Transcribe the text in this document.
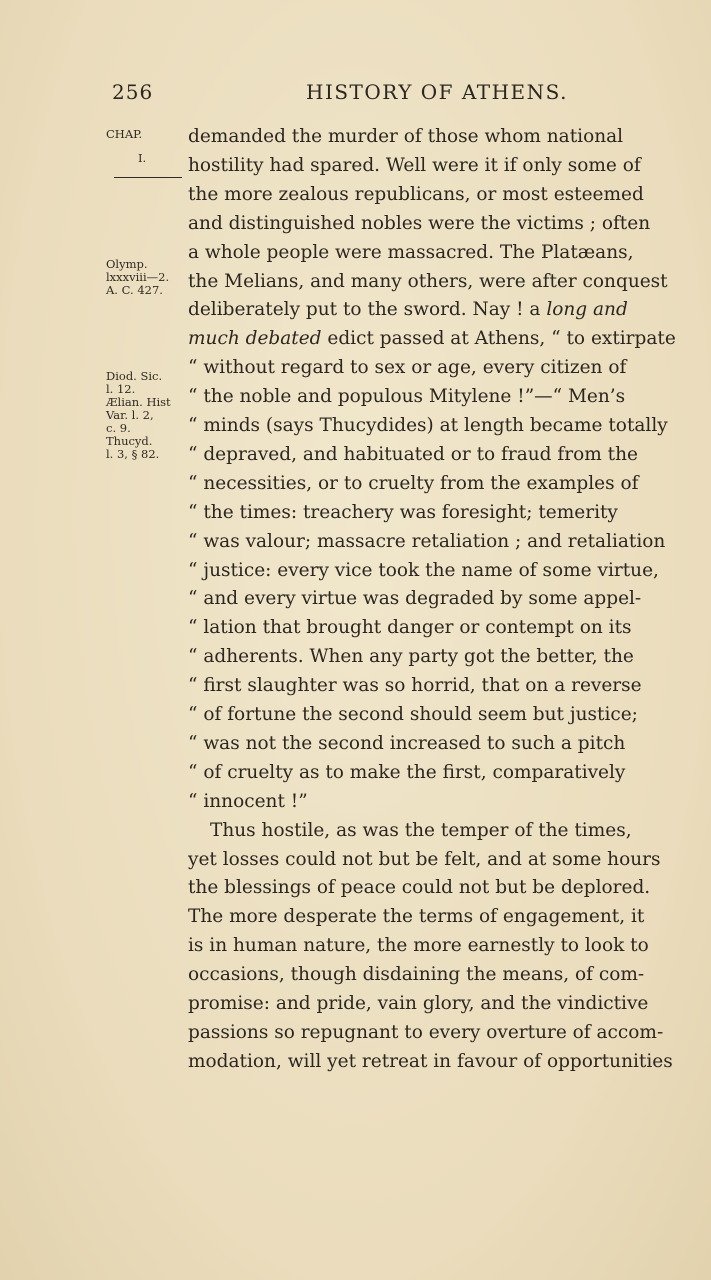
256	HISTORY OF ATHENS.
CHAP.
I.
Olymp.
lxxxviii—2.
A. C. 427.
Diod. Sic.
l. 12.
Ælian. Hist
Var. l. 2,
c. 9.
Thucyd.
l. 3, § 82.
demanded the murder of those whom national
hostility had spared. Well were it if only some of
the more zealous republicans, or most esteemed
and distinguished nobles were the victims ; often
a whole people were massacred. The Platæans,
the Melians, and many others, were after conquest
deliberately put to the sword. Nay ! a long and
much debated edict passed at Athens, “ to extirpate
“ without regard to sex or age, every citizen of
“ the noble and populous Mitylene !”—“ Men’s
“ minds (says Thucydides) at length became totally
“ depraved, and habituated or to fraud from the
“ necessities, or to cruelty from the examples of
“ the times: treachery was foresight; temerity
“ was valour; massacre retaliation ; and retaliation
“ justice: every vice took the name of some virtue,
“ and every virtue was degraded by some appel-
“ lation that brought danger or contempt on its
“ adherents. When any party got the better, the
“ first slaughter was so horrid, that on a reverse
“ of fortune the second should seem but justice;
“ was not the second increased to such a pitch
“ of cruelty as to make the first, comparatively
“ innocent !”
Thus hostile, as was the temper of the times,
yet losses could not but be felt, and at some hours
the blessings of peace could not but be deplored.
The more desperate the terms of engagement, it
is in human nature, the more earnestly to look to
occasions, though disdaining the means, of com-
promise: and pride, vain glory, and the vindictive
passions so repugnant to every overture of accom-
modation, will yet retreat in favour of opportunities
